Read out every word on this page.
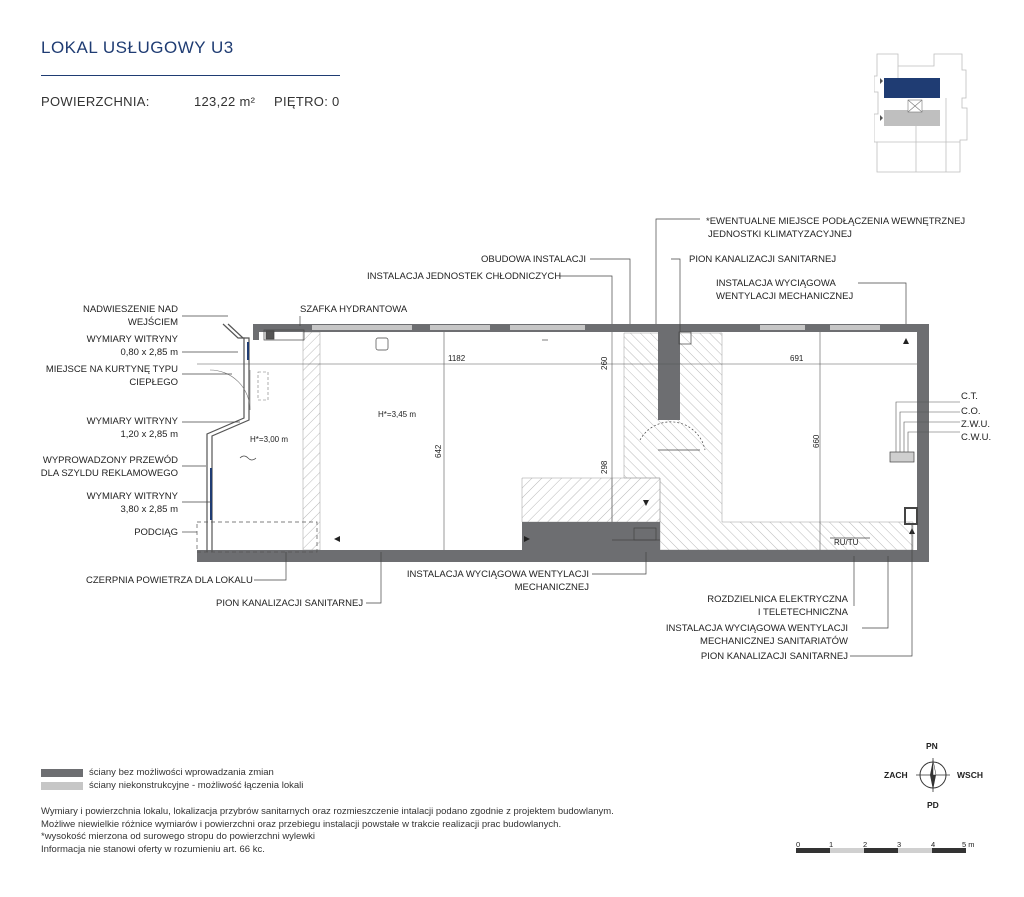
LOKAL USŁUGOWY U3
POWIERZCHNIA:	123,22 m² PIĘTRO: 0
1182	691
260
642
298
660
H*=3,45 m
H*=3,00 m
RU/TU
NADWIESZENIE NAD
WEJŚCIEM
WYMIARY WITRYNY
0,80 x 2,85 m
MIEJSCE NA KURTYNĘ TYPU
CIEPŁEGO
WYMIARY WITRYNY
1,20 x 2,85 m
WYPROWADZONY PRZEWÓD
DLA SZYLDU REKLAMOWEGO
WYMIARY WITRYNY
3,80 x 2,85 m
PODCIĄG
CZERPNIA POWIETRZA DLA LOKALU
PION KANALIZACJI SANITARNEJ
SZAFKA HYDRANTOWA
INSTALACJA JEDNOSTEK CHŁODNICZYCH
OBUDOWA INSTALACJI
*EWENTUALNE MIEJSCE PODŁĄCZENIA WEWNĘTRZNEJ
JEDNOSTKI KLIMATYZACYJNEJ
PION KANALIZACJI SANITARNEJ
INSTALACJA WYCIĄGOWA
WENTYLACJI MECHANICZNEJ
C.T.
C.O.
Z.W.U.
C.W.U.
INSTALACJA WYCIĄGOWA WENTYLACJI
MECHANICZNEJ
ROZDZIELNICA ELEKTRYCZNA
I TELETECHNICZNA
INSTALACJA WYCIĄGOWA WENTYLACJI
MECHANICZNEJ SANITARIATÓW
PION KANALIZACJI SANITARNEJ
ściany bez możliwości wprowadzania zmian
ściany niekonstrukcyjne - możliwość łączenia lokali
Wymiary i powierzchnia lokalu, lokalizacja przybrów sanitarnych oraz rozmieszczenie intalacji podano zgodnie z projektem budowlanym.
Możliwe niewielkie różnice wymiarów i powierzchni oraz przebiegu instalacji powstałe w trakcie realizacji prac budowlanych.
*wysokość mierzona od surowego stropu do powierzchni wylewki
Informacja nie stanowi oferty w rozumieniu art. 66 kc.
PN
PD
ZACH	WSCH
0	1	2	3	4	5 m
